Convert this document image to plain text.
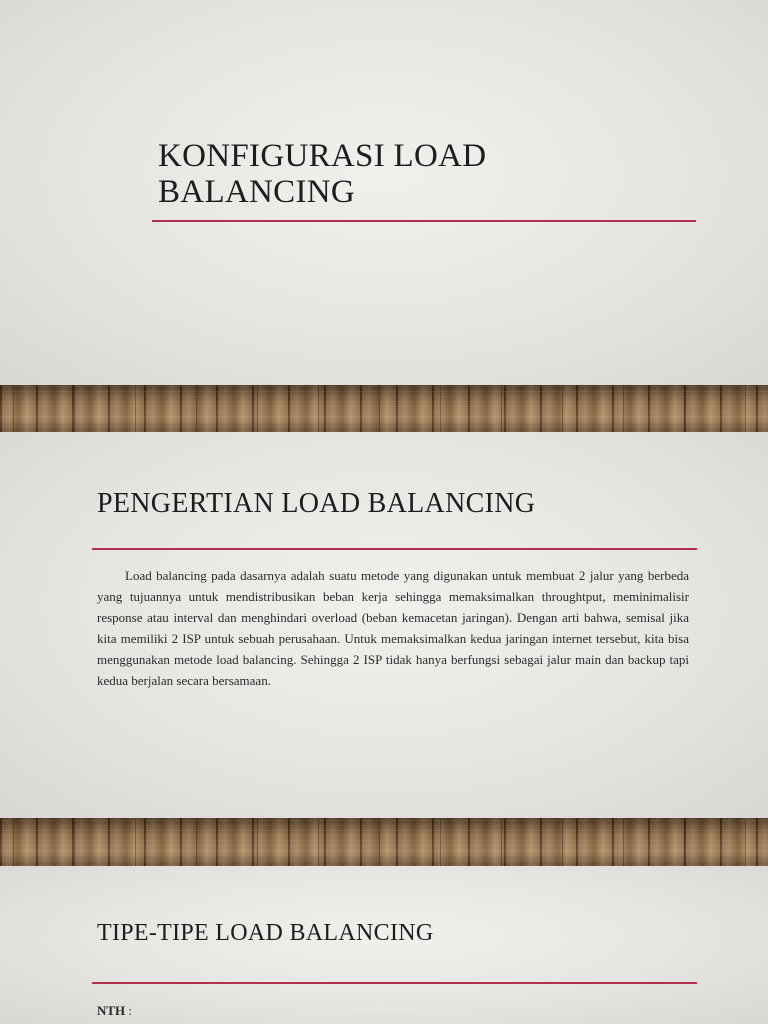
KONFIGURASI LOAD
BALANCING
PENGERTIAN LOAD BALANCING

Load balancing pada dasarnya adalah suatu metode yang digunakan untuk membuat 2 jalur yang berbeda yang tujuannya untuk mendistribusikan beban kerja sehingga memaksimalkan throughtput, meminimalisir response atau interval dan menghindari overload (beban kemacetan jaringan). Dengan arti bahwa, semisal jika kita memiliki 2 ISP untuk sebuah perusahaan. Untuk memaksimalkan kedua jaringan internet tersebut, kita bisa menggunakan metode load balancing. Sehingga 2 ISP tidak hanya berfungsi sebagai jalur main dan backup tapi kedua berjalan secara bersamaan.

TIPE-TIPE LOAD BALANCING

NTH :
